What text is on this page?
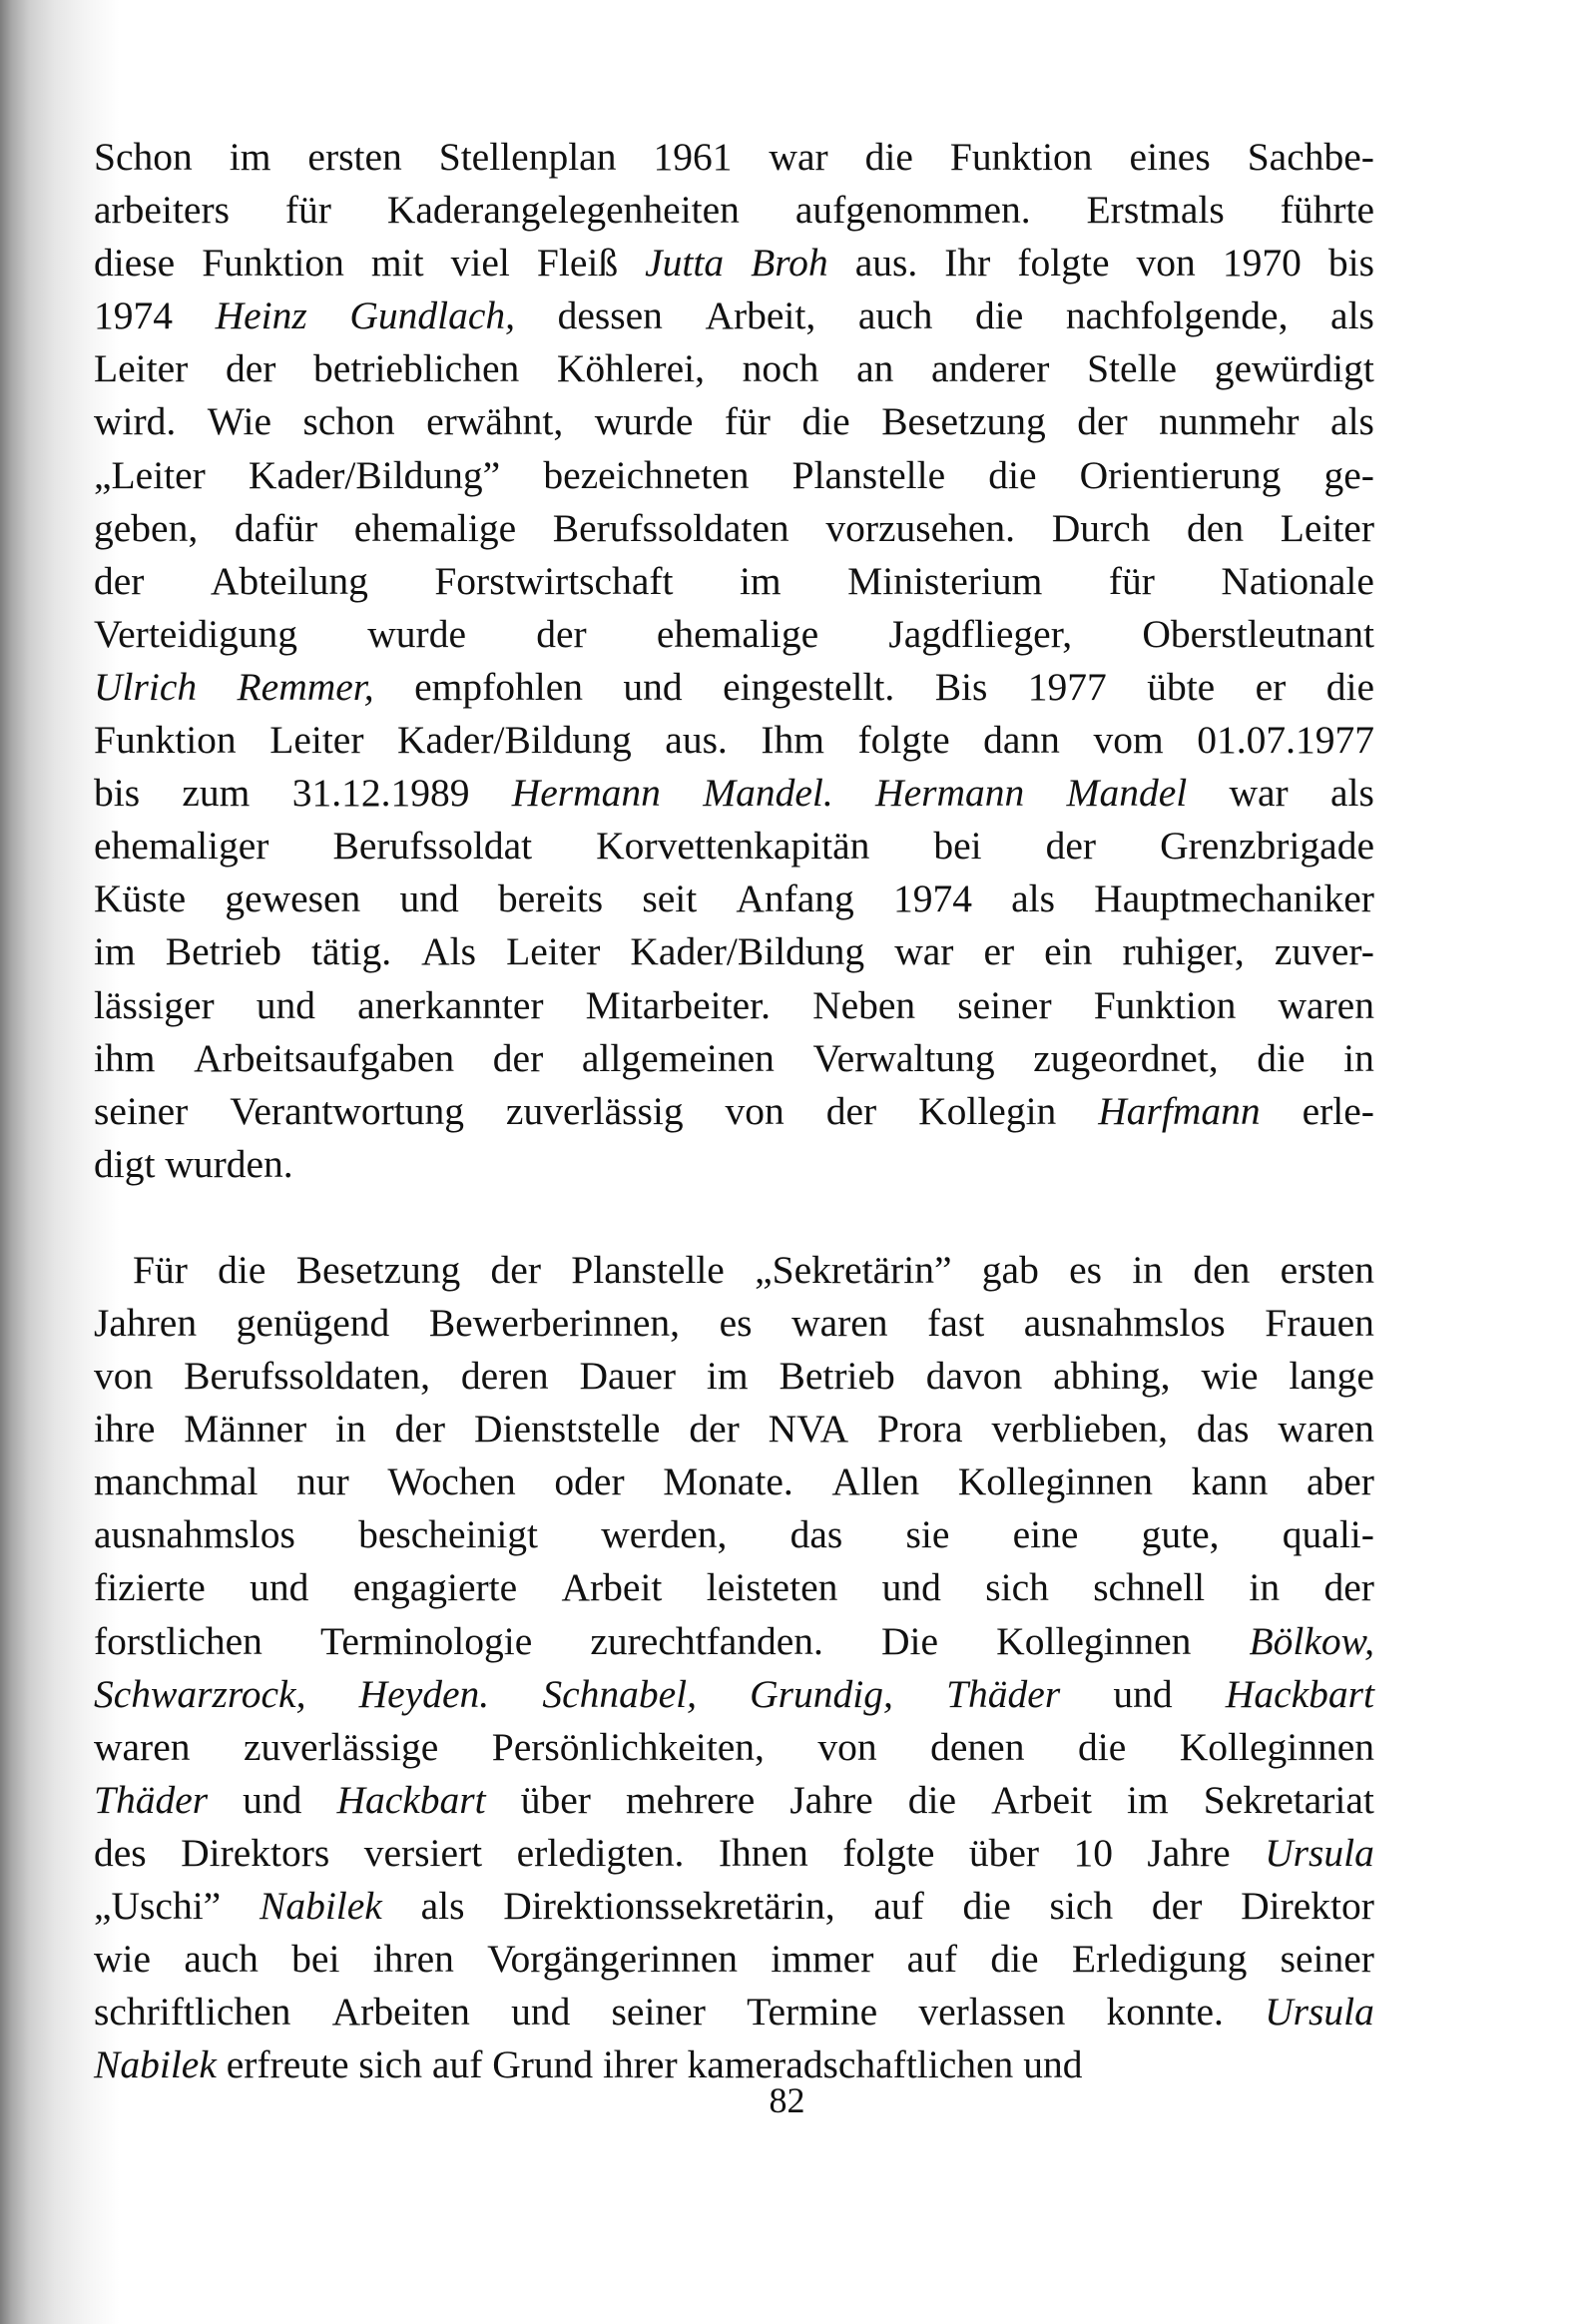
Schon im ersten Stellenplan 1961 war die Funktion eines Sachbe-
arbeiters für Kaderangelegenheiten aufgenommen. Erstmals führte
diese Funktion mit viel Fleiß Jutta Broh aus. Ihr folgte von 1970 bis
1974 Heinz Gundlach, dessen Arbeit, auch die nachfolgende, als
Leiter der betrieblichen Köhlerei, noch an anderer Stelle gewürdigt
wird. Wie schon erwähnt, wurde für die Besetzung der nunmehr als
„Leiter Kader/Bildung” bezeichneten Planstelle die Orientierung ge-
geben, dafür ehemalige Berufssoldaten vorzusehen. Durch den Leiter
der Abteilung Forstwirtschaft im Ministerium für Nationale
Verteidigung wurde der ehemalige Jagdflieger, Oberstleutnant
Ulrich Remmer, empfohlen und eingestellt. Bis 1977 übte er die
Funktion Leiter Kader/Bildung aus. Ihm folgte dann vom 01.07.1977
bis zum 31.12.1989 Hermann Mandel. Hermann Mandel war als
ehemaliger Berufssoldat Korvettenkapitän bei der Grenzbrigade
Küste gewesen und bereits seit Anfang 1974 als Hauptmechaniker
im Betrieb tätig. Als Leiter Kader/Bildung war er ein ruhiger, zuver-
lässiger und anerkannter Mitarbeiter. Neben seiner Funktion waren
ihm Arbeitsaufgaben der allgemeinen Verwaltung zugeordnet, die in
seiner Verantwortung zuverlässig von der Kollegin Harfmann erle-
digt wurden.
Für die Besetzung der Planstelle „Sekretärin” gab es in den ersten
Jahren genügend Bewerberinnen, es waren fast ausnahmslos Frauen
von Berufssoldaten, deren Dauer im Betrieb davon abhing, wie lange
ihre Männer in der Dienststelle der NVA Prora verblieben, das waren
manchmal nur Wochen oder Monate. Allen Kolleginnen kann aber
ausnahmslos bescheinigt werden, das sie eine gute, quali-
fizierte und engagierte Arbeit leisteten und sich schnell in der
forstlichen Terminologie zurechtfanden. Die Kolleginnen Bölkow,
Schwarzrock, Heyden. Schnabel, Grundig, Thäder und Hackbart
waren zuverlässige Persönlichkeiten, von denen die Kolleginnen
Thäder und Hackbart über mehrere Jahre die Arbeit im Sekretariat
des Direktors versiert erledigten. Ihnen folgte über 10 Jahre Ursula
„Uschi” Nabilek als Direktionssekretärin, auf die sich der Direktor
wie auch bei ihren Vorgängerinnen immer auf die Erledigung seiner
schriftlichen Arbeiten und seiner Termine verlassen konnte. Ursula
Nabilek erfreute sich auf Grund ihrer kameradschaftlichen und
82
